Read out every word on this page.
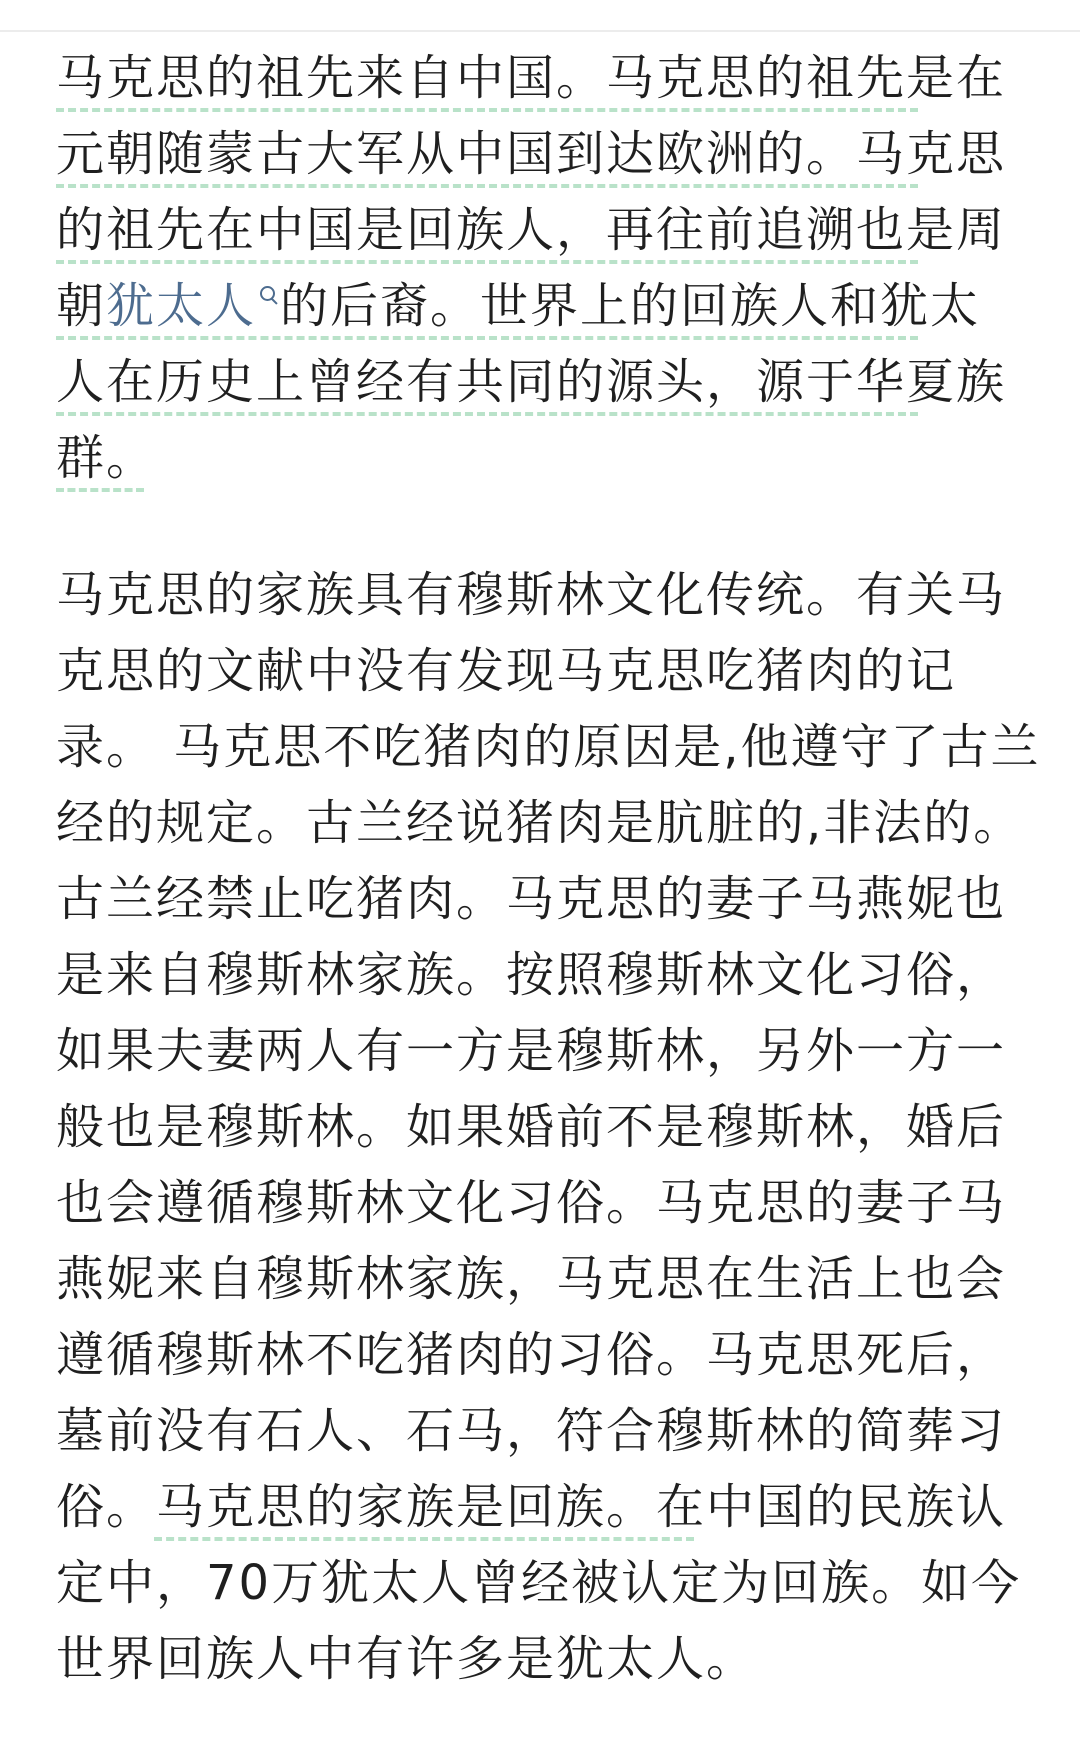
马克思的祖先来自中国。马克思的祖先是在
元朝随蒙古大军从中国到达欧洲的。马克思
的祖先在中国是回族人，再往前追溯也是周
朝犹太人 的后裔。世界上的回族人和犹太
人在历史上曾经有共同的源头，源于华夏族
群。
马克思的家族具有穆斯林文化传统。有关马
克思的文献中没有发现马克思吃猪肉的记
录。 马克思不吃猪肉的原因是,他遵守了古兰
经的规定。古兰经说猪肉是肮脏的,非法的。
古兰经禁止吃猪肉。马克思的妻子马燕妮也
是来自穆斯林家族。按照穆斯林文化习俗，
如果夫妻两人有一方是穆斯林，另外一方一
般也是穆斯林。如果婚前不是穆斯林，婚后
也会遵循穆斯林文化习俗。马克思的妻子马
燕妮来自穆斯林家族，马克思在生活上也会
遵循穆斯林不吃猪肉的习俗。马克思死后，
墓前没有石人、石马，符合穆斯林的简葬习
俗。马克思的家族是回族。在中国的民族认
定中，70万犹太人曾经被认定为回族。如今
世界回族人中有许多是犹太人。
